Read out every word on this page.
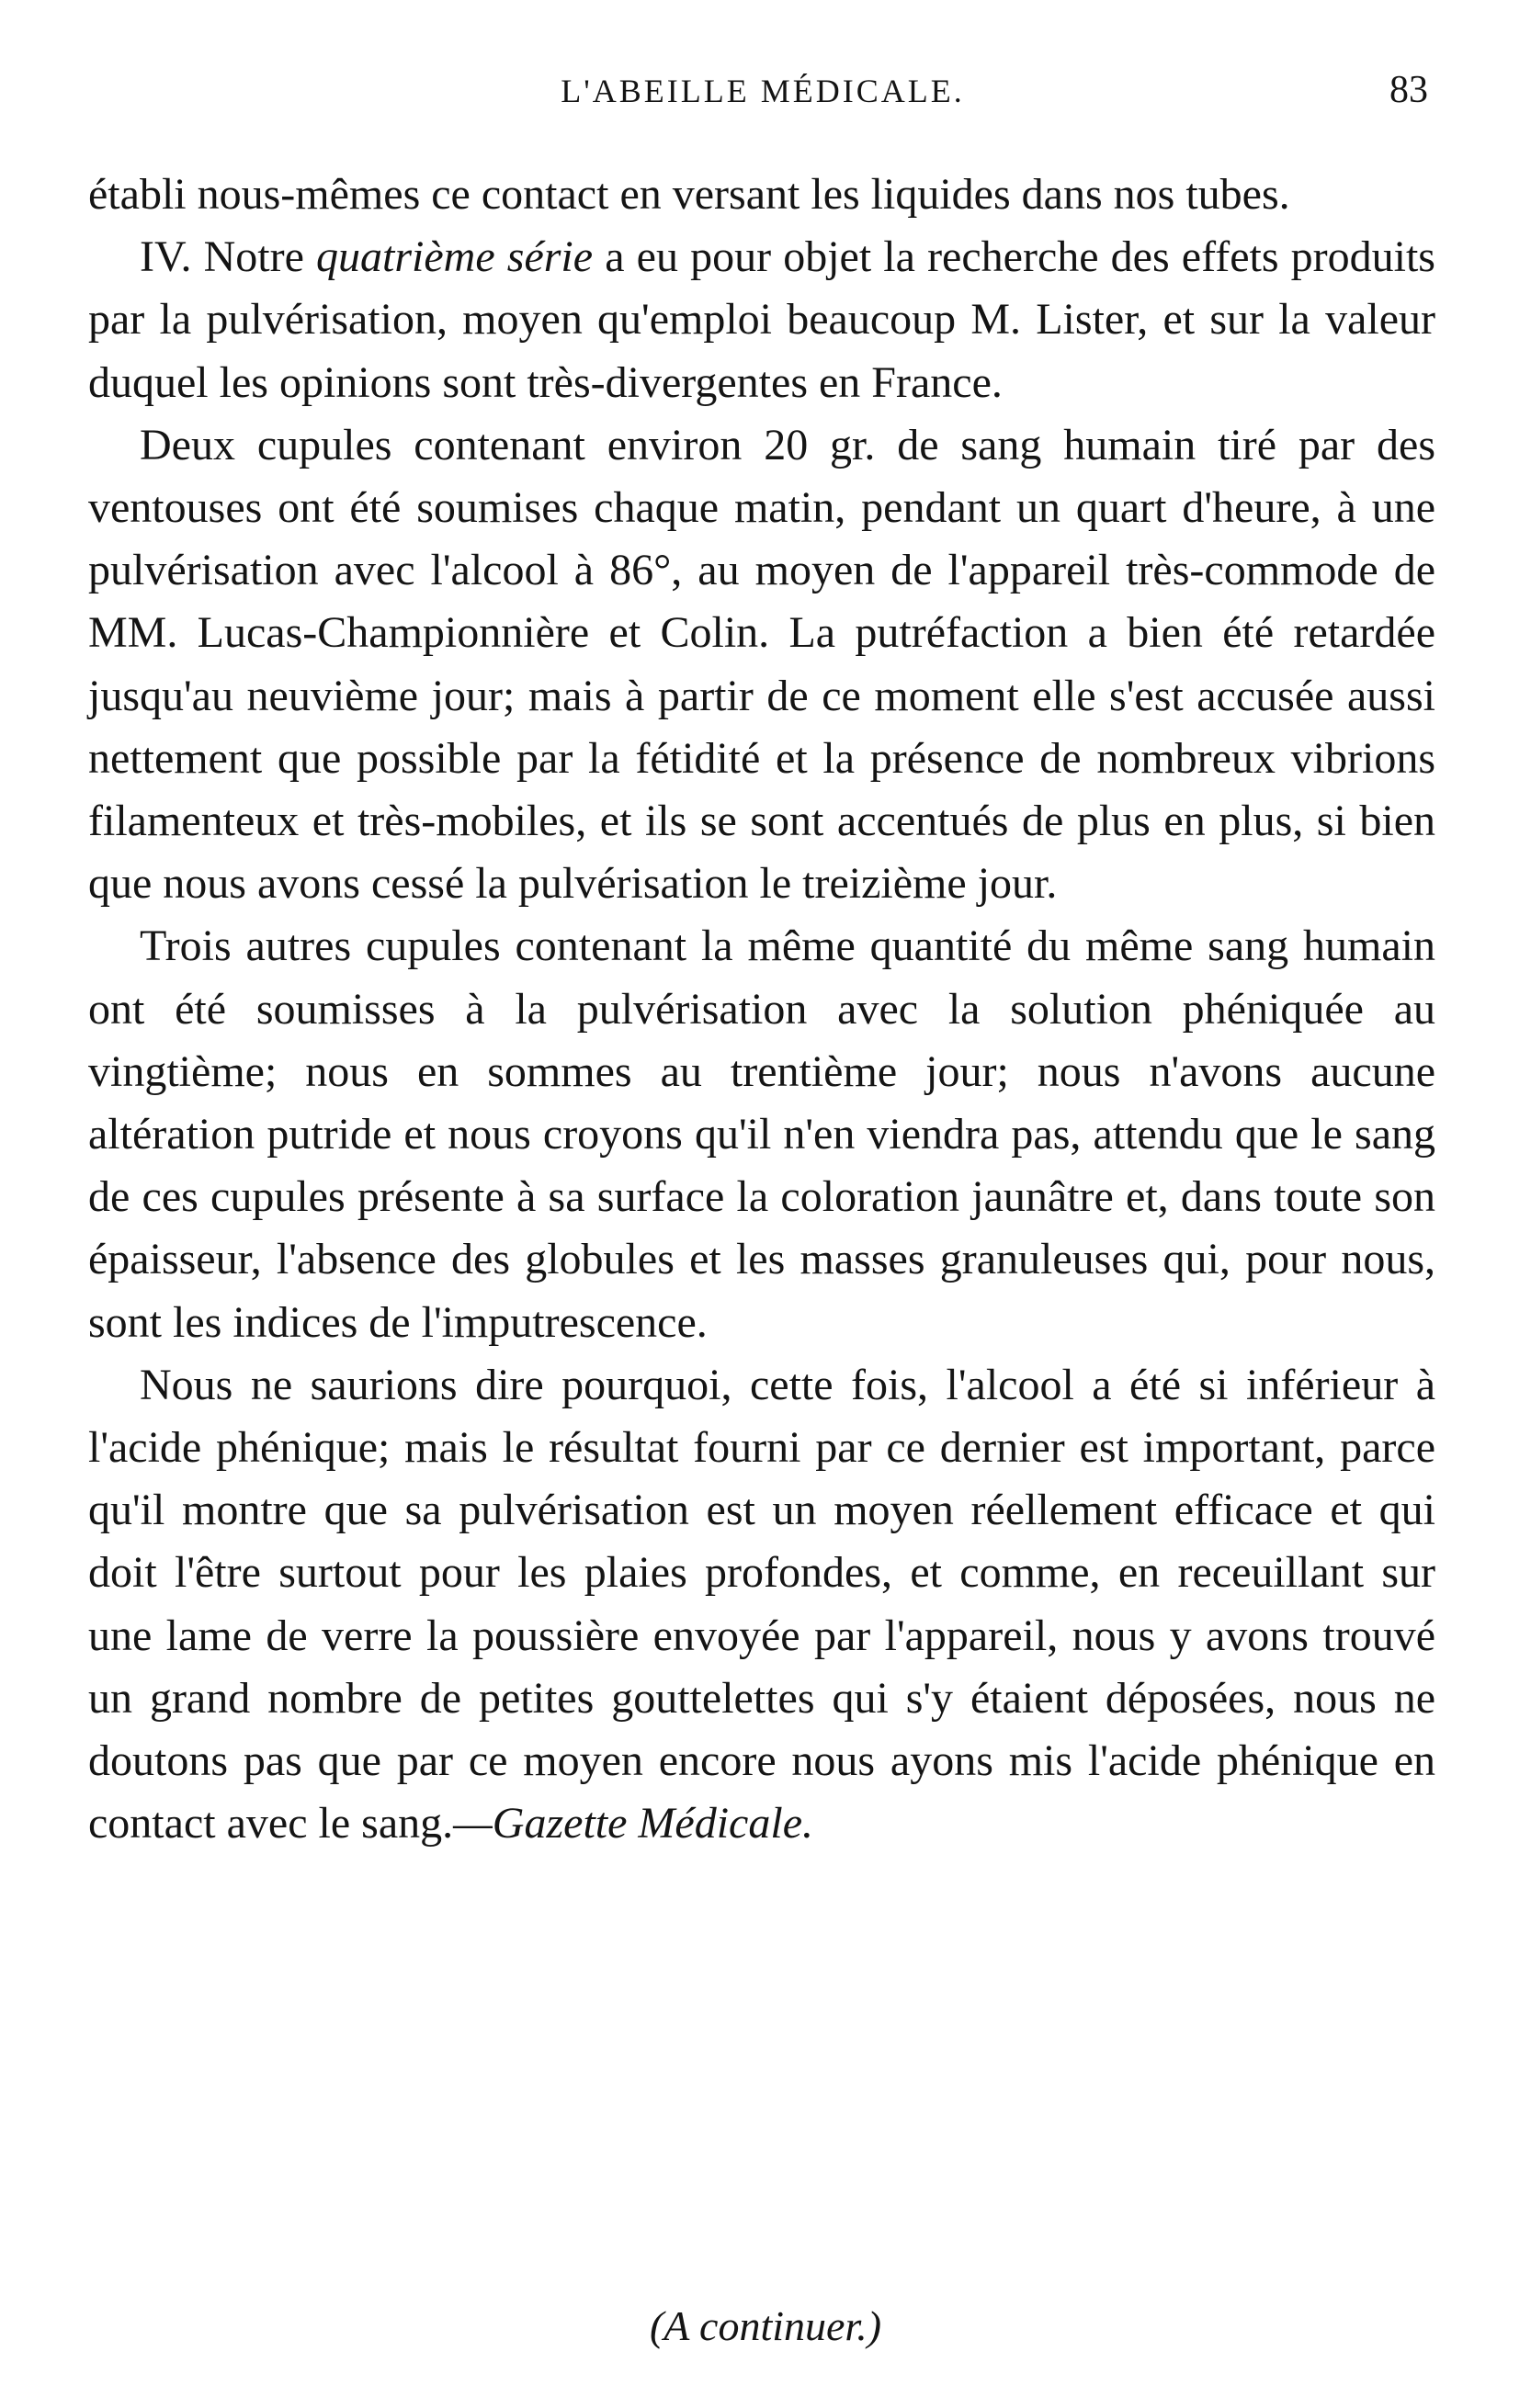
L'ABEILLE MÉDICALE.	83

établi nous-mêmes ce contact en versant les liquides dans nos tubes.

IV. Notre quatrième série a eu pour objet la recherche des effets produits par la pulvérisation, moyen qu'emploi beaucoup M. Lister, et sur la valeur duquel les opinions sont très-divergentes en France.

Deux cupules contenant environ 20 gr. de sang humain tiré par des ventouses ont été soumises chaque matin, pendant un quart d'heure, à une pulvérisation avec l'alcool à 86°, au moyen de l'appareil très-commode de MM. Lucas-Championnière et Colin. La putréfaction a bien été retardée jusqu'au neuvième jour; mais à partir de ce moment elle s'est accusée aussi nettement que possible par la fétidité et la présence de nombreux vibrions filamenteux et très-mobiles, et ils se sont accentués de plus en plus, si bien que nous avons cessé la pulvérisation le treizième jour.

Trois autres cupules contenant la même quantité du même sang humain ont été soumisses à la pulvérisation avec la solution phéniquée au vingtième; nous en sommes au trentième jour; nous n'avons aucune altération putride et nous croyons qu'il n'en viendra pas, attendu que le sang de ces cupules présente à sa surface la coloration jaunâtre et, dans toute son épaisseur, l'absence des globules et les masses granuleuses qui, pour nous, sont les indices de l'imputrescence.

Nous ne saurions dire pourquoi, cette fois, l'alcool a été si inférieur à l'acide phénique; mais le résultat fourni par ce dernier est important, parce qu'il montre que sa pulvérisation est un moyen réellement efficace et qui doit l'être surtout pour les plaies profondes, et comme, en receuillant sur une lame de verre la poussière envoyée par l'appareil, nous y avons trouvé un grand nombre de petites gouttelettes qui s'y étaient déposées, nous ne doutons pas que par ce moyen encore nous ayons mis l'acide phénique en contact avec le sang.—Gazette Médicale.

(A continuer.)
